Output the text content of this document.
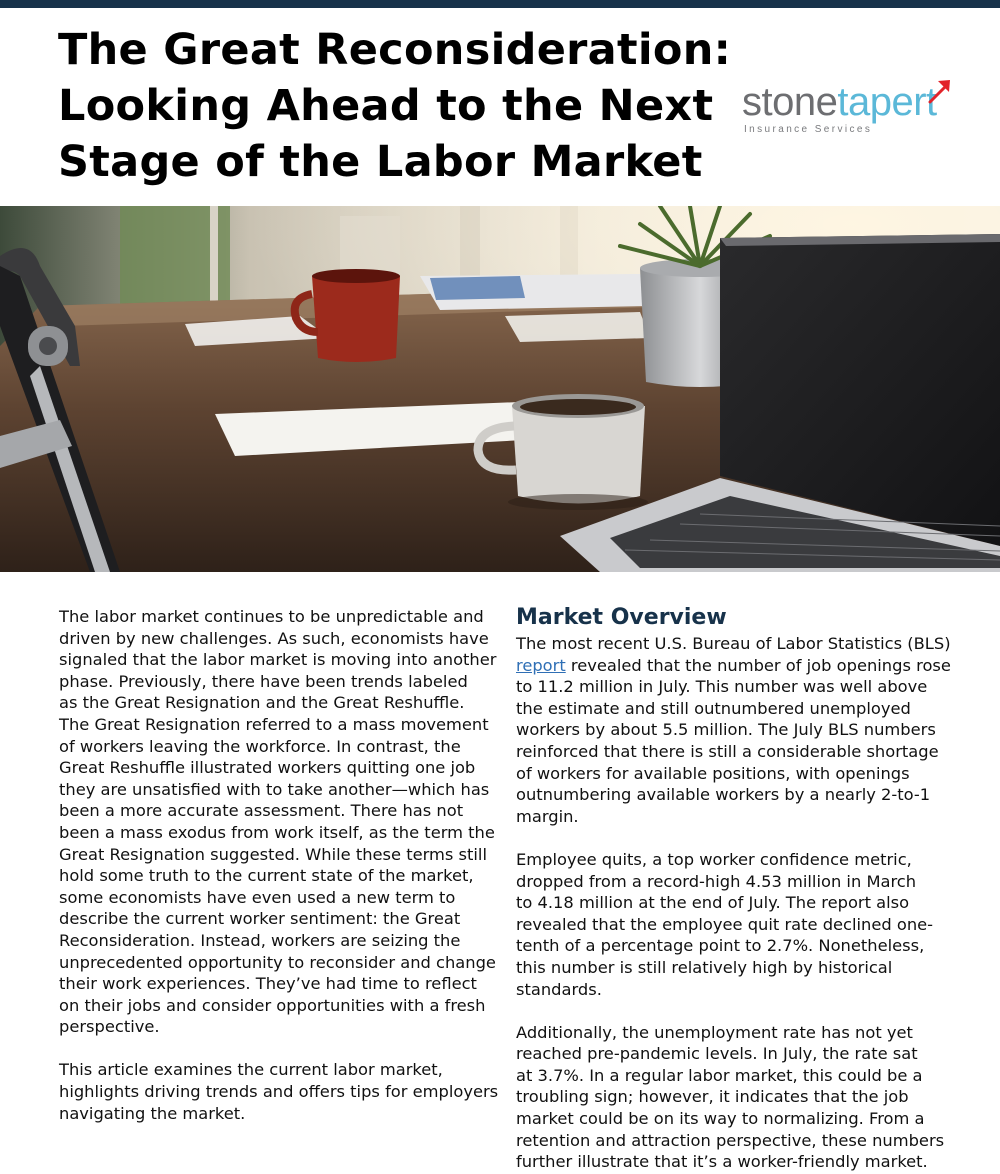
The Great Reconsideration:
Looking Ahead to the Next
Stage of the Labor Market
stonetapert
Insurance Services

The labor market continues to be unpredictable and
driven by new challenges. As such, economists have
signaled that the labor market is moving into another
phase. Previously, there have been trends labeled
as the Great Resignation and the Great Reshuffle.
The Great Resignation referred to a mass movement
of workers leaving the workforce. In contrast, the
Great Reshuffle illustrated workers quitting one job
they are unsatisfied with to take another—which has
been a more accurate assessment. There has not
been a mass exodus from work itself, as the term the
Great Resignation suggested. While these terms still
hold some truth to the current state of the market,
some economists have even used a new term to
describe the current worker sentiment: the Great
Reconsideration. Instead, workers are seizing the
unprecedented opportunity to reconsider and change
their work experiences. They’ve had time to reflect
on their jobs and consider opportunities with a fresh
perspective.

This article examines the current labor market,
highlights driving trends and offers tips for employers
navigating the market.

Market Overview

The most recent U.S. Bureau of Labor Statistics (BLS)
report revealed that the number of job openings rose
to 11.2 million in July. This number was well above
the estimate and still outnumbered unemployed
workers by about 5.5 million. The July BLS numbers
reinforced that there is still a considerable shortage
of workers for available positions, with openings
outnumbering available workers by a nearly 2-to-1
margin.

Employee quits, a top worker confidence metric,
dropped from a record-high 4.53 million in March
to 4.18 million at the end of July. The report also
revealed that the employee quit rate declined one-
tenth of a percentage point to 2.7%. Nonetheless,
this number is still relatively high by historical
standards.

Additionally, the unemployment rate has not yet
reached pre-pandemic levels. In July, the rate sat
at 3.7%. In a regular labor market, this could be a
troubling sign; however, it indicates that the job
market could be on its way to normalizing. From a
retention and attraction perspective, these numbers
further illustrate that it’s a worker-friendly market.
